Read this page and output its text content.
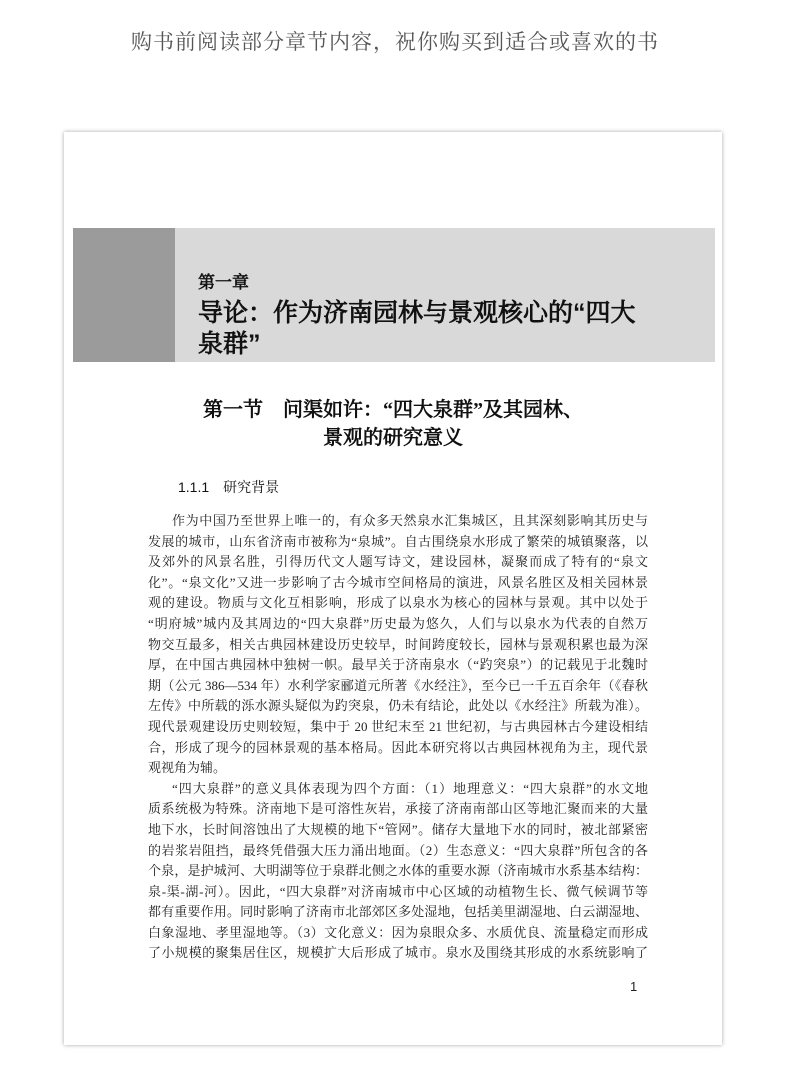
购书前阅读部分章节内容，祝你购买到适合或喜欢的书
第一章
导论：作为济南园林与景观核心的“四大
泉群”
第一节　问渠如许：“四大泉群”及其园林、
景观的研究意义
1.1.1　研究背景
作为中国乃至世界上唯一的，有众多天然泉水汇集城区，且其深刻影响其历史与
发展的城市，山东省济南市被称为“泉城”。自古围绕泉水形成了繁荣的城镇聚落，以
及郊外的风景名胜，引得历代文人题写诗文，建设园林，凝聚而成了特有的“泉文
化”。“泉文化”又进一步影响了古今城市空间格局的演进，风景名胜区及相关园林景
观的建设。物质与文化互相影响，形成了以泉水为核心的园林与景观。其中以处于
“明府城”城内及其周边的“四大泉群”历史最为悠久，人们与以泉水为代表的自然万
物交互最多，相关古典园林建设历史较早，时间跨度较长，园林与景观积累也最为深
厚，在中国古典园林中独树一帜。最早关于济南泉水（“趵突泉”）的记载见于北魏时
期（公元 386—534 年）水利学家郦道元所著《水经注》，至今已一千五百余年（《春秋
左传》中所载的泺水源头疑似为趵突泉，仍未有结论，此处以《水经注》所载为准）。
现代景观建设历史则较短，集中于 20 世纪末至 21 世纪初，与古典园林古今建设相结
合，形成了现今的园林景观的基本格局。因此本研究将以古典园林视角为主，现代景
观视角为辅。
“四大泉群”的意义具体表现为四个方面：（1）地理意义：“四大泉群”的水文地
质系统极为特殊。济南地下是可溶性灰岩，承接了济南南部山区等地汇聚而来的大量
地下水，长时间溶蚀出了大规模的地下“管网”。储存大量地下水的同时，被北部紧密
的岩浆岩阻挡，最终凭借强大压力涌出地面。（2）生态意义：“四大泉群”所包含的各
个泉，是护城河、大明湖等位于泉群北侧之水体的重要水源（济南城市水系基本结构：
泉-渠-湖-河）。因此，“四大泉群”对济南城市中心区域的动植物生长、微气候调节等
都有重要作用。同时影响了济南市北部郊区多处湿地，包括美里湖湿地、白云湖湿地、
白象湿地、孝里湿地等。（3）文化意义：因为泉眼众多、水质优良、流量稳定而形成
了小规模的聚集居住区，规模扩大后形成了城市。泉水及围绕其形成的水系统影响了
1
